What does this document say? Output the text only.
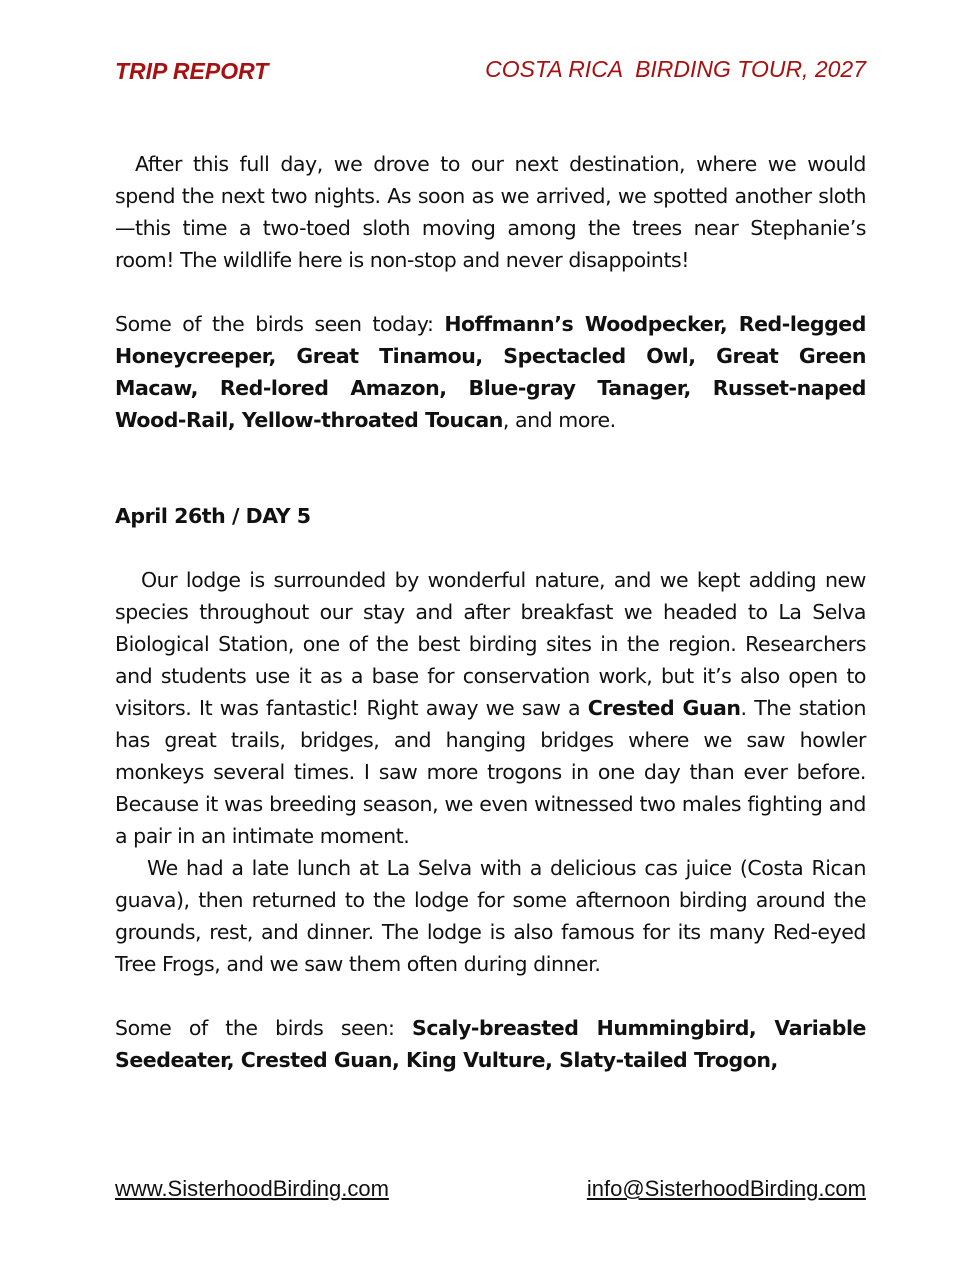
TRIP REPORT	COSTA RICA  BIRDING TOUR, 2027

After this full day, we drove to our next destination, where we would spend the next two nights. As soon as we arrived, we spotted another sloth—this time a two-toed sloth moving among the trees near Stephanie’s room! The wildlife here is non-stop and never disappoints!

Some of the birds seen today: Hoffmann’s Woodpecker, Red-legged Honeycreeper, Great Tinamou, Spectacled Owl, Great Green Macaw, Red-lored Amazon, Blue-gray Tanager, Russet-naped Wood-Rail, Yellow-throated Toucan, and more.

April 26th / DAY 5

Our lodge is surrounded by wonderful nature, and we kept adding new species throughout our stay and after breakfast we headed to La Selva Biological Station, one of the best birding sites in the region. Researchers and students use it as a base for conservation work, but it’s also open to visitors. It was fantastic! Right away we saw a Crested Guan. The station has great trails, bridges, and hanging bridges where we saw howler monkeys several times. I saw more trogons in one day than ever before. Because it was breeding season, we even witnessed two males fighting and a pair in an intimate moment.

We had a late lunch at La Selva with a delicious cas juice (Costa Rican guava), then returned to the lodge for some afternoon birding around the grounds, rest, and dinner. The lodge is also famous for its many Red-eyed Tree Frogs, and we saw them often during dinner.

Some of the birds seen: Scaly-breasted Hummingbird, Variable Seedeater, Crested Guan, King Vulture, Slaty-tailed Trogon,

www.SisterhoodBirding.com	info@SisterhoodBirding.com
